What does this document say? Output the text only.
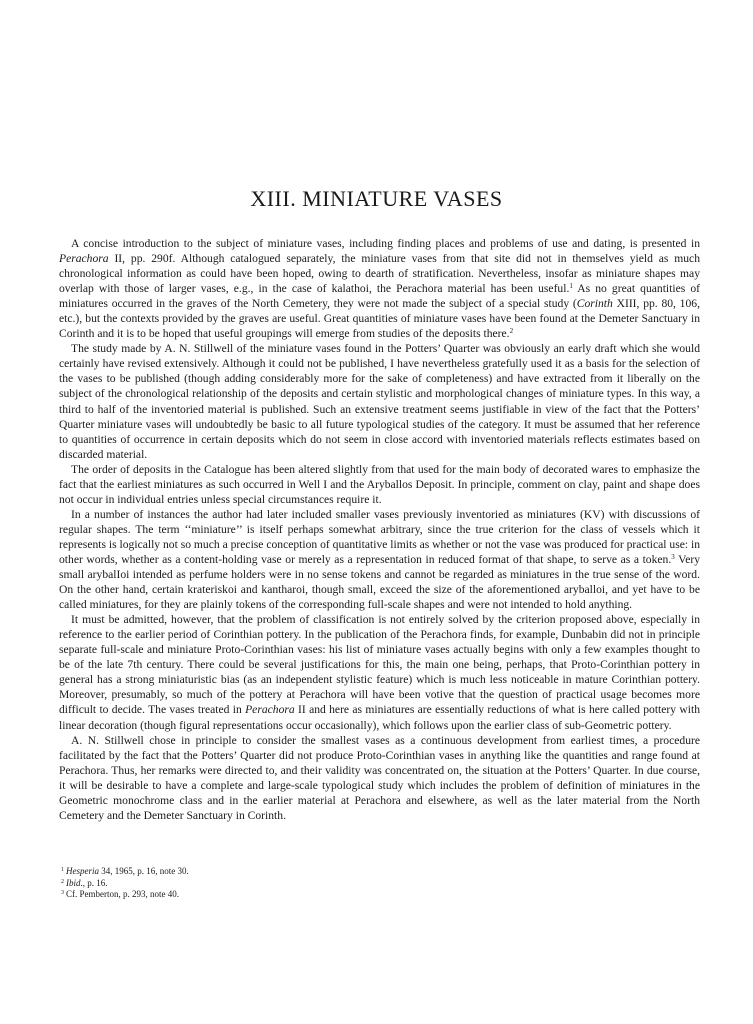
XIII. MINIATURE VASES

A concise introduction to the subject of miniature vases, including finding places and problems of use and dating, is presented in Perachora II, pp. 290f. Although catalogued separately, the miniature vases from that site did not in themselves yield as much chronological information as could have been hoped, owing to dearth of stratification. Nevertheless, insofar as miniature shapes may overlap with those of larger vases, e.g., in the case of kalathoi, the Perachora material has been useful.$^1$ As no great quantities of miniatures occurred in the graves of the North Cemetery, they were not made the subject of a special study (Corinth XIII, pp. 80, 106, etc.), but the contexts provided by the graves are useful. Great quantities of miniature vases have been found at the Demeter Sanctuary in Corinth and it is to be hoped that useful groupings will emerge from studies of the deposits there.$^2$

The study made by A. N. Stillwell of the miniature vases found in the Potters’ Quarter was obviously an early draft which she would certainly have revised extensively. Although it could not be published, I have nevertheless gratefully used it as a basis for the selection of the vases to be published (though adding considerably more for the sake of completeness) and have extracted from it liberally on the subject of the chronological relationship of the deposits and certain stylistic and morphological changes of miniature types. In this way, a third to half of the inventoried material is published. Such an extensive treatment seems justifiable in view of the fact that the Potters’ Quarter miniature vases will undoubtedly be basic to all future typological studies of the category. It must be assumed that her reference to quantities of occurrence in certain deposits which do not seem in close accord with inventoried materials reflects estimates based on discarded material.

The order of deposits in the Catalogue has been altered slightly from that used for the main body of decorated wares to emphasize the fact that the earliest miniatures as such occurred in Well I and the Aryballos Deposit. In principle, comment on clay, paint and shape does not occur in individual entries unless special circumstances require it.

In a number of instances the author had later included smaller vases previously inventoried as miniatures (KV) with discussions of regular shapes. The term ‘‘miniature’’ is itself perhaps somewhat arbitrary, since the true criterion for the class of vessels which it represents is logically not so much a precise conception of quantitative limits as whether or not the vase was produced for practical use: in other words, whether as a content-holding vase or merely as a representation in reduced format of that shape, to serve as a token.$^3$ Very small arybalIoi intended as perfume holders were in no sense tokens and cannot be regarded as miniatures in the true sense of the word. On the other hand, certain krateriskoi and kantharoi, though small, exceed the size of the aforementioned aryballoi, and yet have to be called miniatures, for they are plainly tokens of the corresponding full-scale shapes and were not intended to hold anything.

It must be admitted, however, that the problem of classification is not entirely solved by the criterion proposed above, especially in reference to the earlier period of Corinthian pottery. In the publication of the Perachora finds, for example, Dunbabin did not in principle separate full-scale and miniature Proto-Corinthian vases: his list of miniature vases actually begins with only a few examples thought to be of the late 7th century. There could be several justifications for this, the main one being, perhaps, that Proto-Corinthian pottery in general has a strong miniaturistic bias (as an independent stylistic feature) which is much less noticeable in mature Corinthian pottery. Moreover, presumably, so much of the pottery at Perachora will have been votive that the question of practical usage becomes more difficult to decide. The vases treated in Perachora II and here as miniatures are essentially reductions of what is here called pottery with linear decoration (though figural representations occur occasionally), which follows upon the earlier class of sub-Geometric pottery.

A. N. Stillwell chose in principle to consider the smallest vases as a continuous development from earliest times, a procedure facilitated by the fact that the Potters’ Quarter did not produce Proto-Corinthian vases in anything like the quantities and range found at Perachora. Thus, her remarks were directed to, and their validity was concentrated on, the situation at the Potters’ Quarter. In due course, it will be desirable to have a complete and large-scale typological study which includes the problem of definition of miniatures in the Geometric monochrome class and in the earlier material at Perachora and elsewhere, as well as the later material from the North Cemetery and the Demeter Sanctuary in Corinth.

$^1$ Hesperia 34, 1965, p. 16, note 30.

$^2$ Ibid., p. 16.

$^3$ Cf. Pemberton, p. 293, note 40.
